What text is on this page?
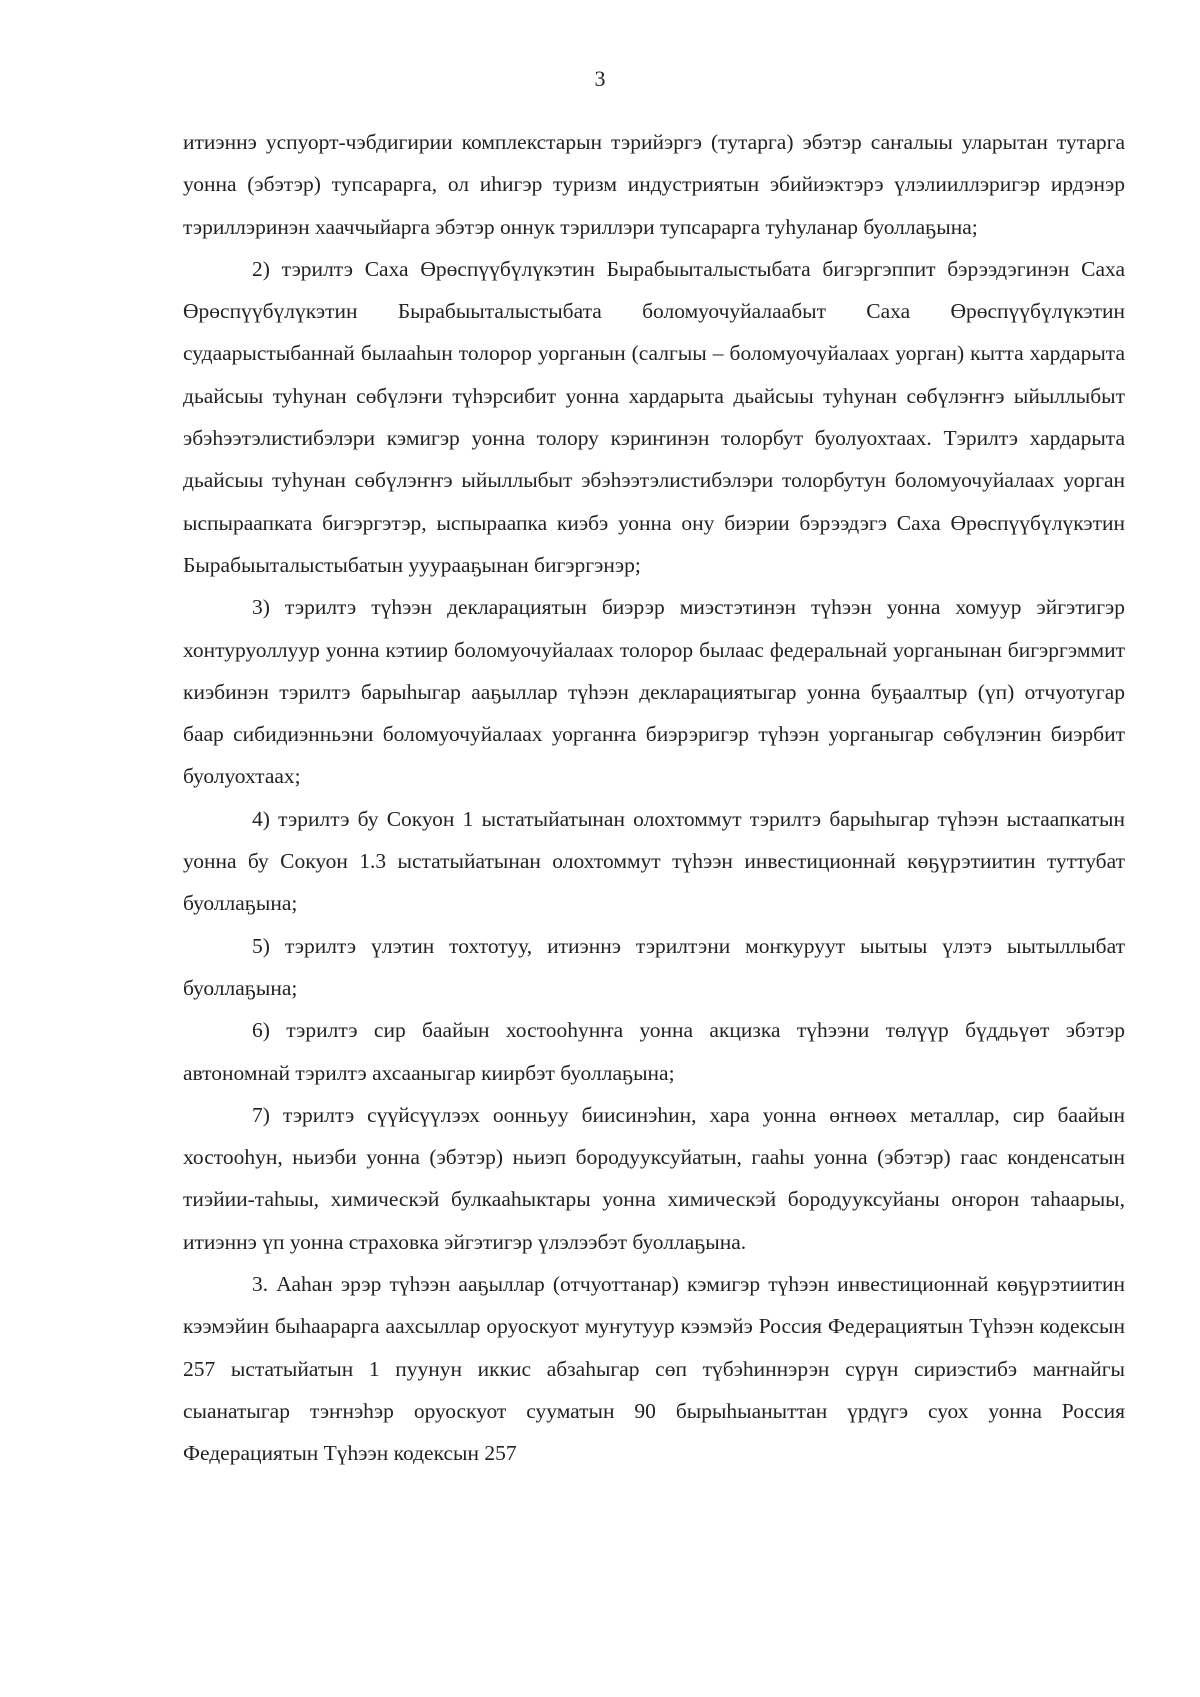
3

итиэннэ успуорт-чэбдигирии комплекстарын тэрийэргэ (тутарга) эбэтэр саҥалыы уларытан тутарга уонна (эбэтэр) тупсарарга, ол иһигэр туризм индустриятын эбийиэктэрэ үлэлииллэригэр ирдэнэр тэриллэринэн хааччыйарга эбэтэр оннук тэриллэри тупсарарга туһуланар буоллаҕына;

2) тэрилтэ Саха Өрөспүүбүлүкэтин Бырабыыталыстыбата бигэргэппит бэрээдэгинэн Саха Өрөспүүбүлүкэтин Бырабыыталыстыбата боломуочуйалаабыт Саха Өрөспүүбүлүкэтин судаарыстыбаннай былааһын толорор уорганын (салгыы – боломуочуйалаах уорган) кытта хардарыта дьайсыы туһунан сөбүлэҥи түһэрсибит уонна хардарыта дьайсыы туһунан сөбүлэҥҥэ ыйыллыбыт эбэһээтэлистибэлэри кэмигэр уонна толору кэриҥинэн толорбут буолуохтаах. Тэрилтэ хардарыта дьайсыы туһунан сөбүлэҥҥэ ыйыллыбыт эбэһээтэлистибэлэри толорбутун боломуочуйалаах уорган ыспыраапката бигэргэтэр, ыспыраапка киэбэ уонна ону биэрии бэрээдэгэ Саха Өрөспүүбүлүкэтин Бырабыыталыстыбатын ууурааҕынан бигэргэнэр;

3) тэрилтэ түһээн декларациятын биэрэр миэстэтинэн түһээн уонна хомуур эйгэтигэр хонтуруоллуур уонна кэтиир боломуочуйалаах толорор былаас федеральнай уорганынан бигэргэммит киэбинэн тэрилтэ барыһыгар ааҕыллар түһээн декларациятыгар уонна буҕаалтыр (үп) отчуотугар баар сибидиэнньэни боломуочуйалаах уорганҥа биэрэригэр түһээн уорганыгар сөбүлэҥин биэрбит буолуохтаах;

4) тэрилтэ бу Сокуон 1 ыстатыйатынан олохтоммут тэрилтэ барыһыгар түһээн ыстаапкатын уонна бу Сокуон 1.3 ыстатыйатынан олохтоммут түһээн инвестиционнай көҕүрэтиитин туттубат буоллаҕына;

5) тэрилтэ үлэтин тохтотуу, итиэннэ тэрилтэни моҥкуруут ыытыы үлэтэ ыытыллыбат буоллаҕына;

6) тэрилтэ сир баайын хостооһунҥа уонна акцизка түһээни төлүүр бүддьүөт эбэтэр автономнай тэрилтэ ахсааныгар киирбэт буоллаҕына;

7) тэрилтэ сүүйсүүлээх оонньуу биисинэһин, хара уонна өҥнөөх металлар, сир баайын хостооһун, ньиэби уонна (эбэтэр) ньиэп бородууксуйатын, гааһы уонна (эбэтэр) гаас конденсатын тиэйии-таһыы, химическэй булкааһыктары уонна химическэй бородууксуйаны оҥорон таһаарыы, итиэннэ үп уонна страховка эйгэтигэр үлэлээбэт буоллаҕына.

3. Ааһан эрэр түһээн ааҕыллар (отчуоттанар) кэмигэр түһээн инвестиционнай көҕүрэтиитин кээмэйин быһаарарга аахсыллар оруоскуот муҥутуур кээмэйэ Россия Федерациятын Түһээн кодексын 257 ыстатыйатын 1 пуунун иккис абзаһыгар сөп түбэһиннэрэн сүрүн сириэстибэ маҥнайгы сыанатыгар тэҥнэһэр оруоскуот сууматын 90 бырыһыаныттан үрдүгэ суох уонна Россия Федерациятын Түһээн кодексын 257
